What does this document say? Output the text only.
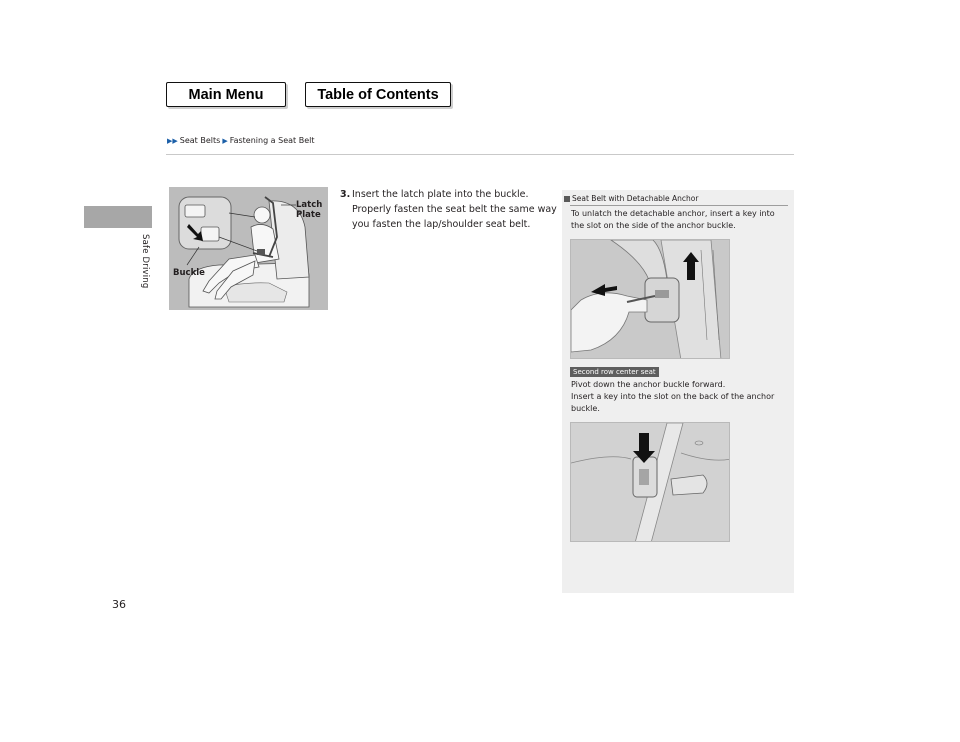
Main Menu	Table of Contents
▶▶ Seat Belts ▶ Fastening a Seat Belt
Safe Driving
Latch
Plate
Buckle
3. Insert the latch plate into the buckle. Properly fasten the seat belt the same way you fasten the lap/shoulder seat belt.
Seat Belt with Detachable Anchor
To unlatch the detachable anchor, insert a key into the slot on the side of the anchor buckle.
Second row center seat
Pivot down the anchor buckle forward.
Insert a key into the slot on the back of the anchor buckle.
36
